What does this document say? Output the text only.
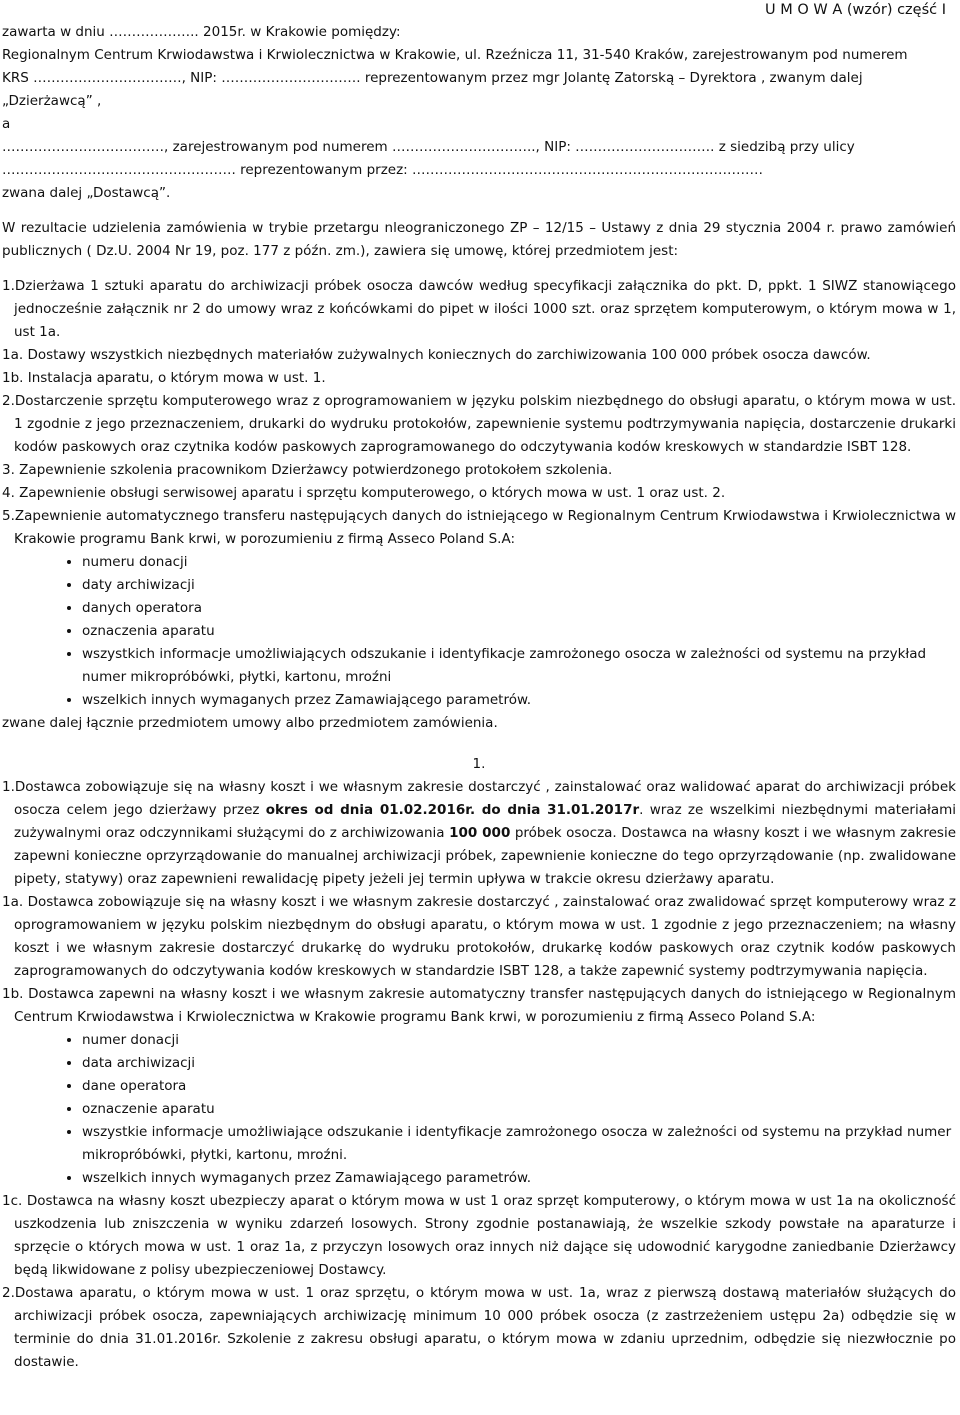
U M O W A (wzór) część I
zawarta w dniu ……………….. 2015r. w Krakowie pomiędzy:
Regionalnym Centrum Krwiodawstwa i Krwiolecznictwa w Krakowie, ul. Rzeźnicza 11, 31-540 Kraków, zarejestrowanym pod numerem
KRS ……………………………, NIP: …………………………. reprezentowanym przez mgr Jolantę Zatorską – Dyrektora , zwanym dalej
„Dzierżawcą” ,
a
………………………………, zarejestrowanym pod numerem ………………………….., NIP: …………………………. z siedzibą przy ulicy
……………………………………………. reprezentowanym przez: ……………………………………………………………………
zwana dalej „Dostawcą”.

W rezultacie udzielenia zamówienia w trybie przetargu nleograniczonego ZP – 12/15 – Ustawy z dnia 29 stycznia 2004 r. prawo zamówień publicznych ( Dz.U. 2004 Nr 19, poz. 177 z późn. zm.), zawiera się umowę, której przedmiotem jest:

1.Dzierżawa 1 sztuki aparatu do archiwizacji próbek osocza dawców według specyfikacji załącznika do pkt. D, ppkt. 1 SIWZ stanowiącego jednocześnie załącznik nr 2 do umowy wraz z końcówkami do pipet w ilości 1000 szt. oraz sprzętem komputerowym, o którym mowa w 1, ust 1a.

1a. Dostawy wszystkich niezbędnych materiałów zużywalnych koniecznych do zarchiwizowania 100 000 próbek osocza dawców.

1b. Instalacja aparatu, o którym mowa w ust. 1.

2.Dostarczenie sprzętu komputerowego wraz z oprogramowaniem w języku polskim niezbędnego do obsługi aparatu, o którym mowa w ust. 1 zgodnie z jego przeznaczeniem, drukarki do wydruku protokołów, zapewnienie systemu podtrzymywania napięcia, dostarczenie drukarki kodów paskowych oraz czytnika kodów paskowych zaprogramowanego do odczytywania kodów kreskowych w standardzie ISBT 128.

3. Zapewnienie szkolenia pracownikom Dzierżawcy potwierdzonego protokołem szkolenia.

4. Zapewnienie obsługi serwisowej aparatu i sprzętu komputerowego, o których mowa w ust. 1 oraz ust. 2.

5.Zapewnienie automatycznego transferu następujących danych do istniejącego w Regionalnym Centrum Krwiodawstwa i Krwiolecznictwa w Krakowie programu Bank krwi, w porozumieniu z firmą Asseco Poland S.A:

• numeru donacji
• daty archiwizacji
• danych operatora
• oznaczenia aparatu
• wszystkich informacje umożliwiających odszukanie i identyfikacje zamrożonego osocza w zależności od systemu na przykład numer mikropróbówki, płytki, kartonu, mroźni
• wszelkich innych wymaganych przez Zamawiającego parametrów.

zwane dalej łącznie przedmiotem umowy albo przedmiotem zamówienia.

1.

1.Dostawca zobowiązuje się na własny koszt i we własnym zakresie dostarczyć , zainstalować oraz walidować aparat do archiwizacji próbek osocza celem jego dzierżawy przez okres od dnia 01.02.2016r. do dnia 31.01.2017r. wraz ze wszelkimi niezbędnymi materiałami zużywalnymi oraz odczynnikami służącymi do z archiwizowania 100 000 próbek osocza. Dostawca na własny koszt i we własnym zakresie zapewni konieczne oprzyrządowanie do manualnej archiwizacji próbek, zapewnienie konieczne do tego oprzyrządowanie (np. zwalidowane pipety, statywy) oraz zapewnieni rewalidację pipety jeżeli jej termin upływa w trakcie okresu dzierżawy aparatu.

1a. Dostawca zobowiązuje się na własny koszt i we własnym zakresie dostarczyć , zainstalować oraz zwalidować sprzęt komputerowy wraz z oprogramowaniem w języku polskim niezbędnym do obsługi aparatu, o którym mowa w ust. 1 zgodnie z jego przeznaczeniem; na własny koszt i we własnym zakresie dostarczyć drukarkę do wydruku protokołów, drukarkę kodów paskowych oraz czytnik kodów paskowych zaprogramowanych do odczytywania kodów kreskowych w standardzie ISBT 128, a także zapewnić systemy podtrzymywania napięcia.

1b. Dostawca zapewni na własny koszt i we własnym zakresie automatyczny transfer następujących danych do istniejącego w Regionalnym Centrum Krwiodawstwa i Krwiolecznictwa w Krakowie programu Bank krwi, w porozumieniu z firmą Asseco Poland S.A:

• numer donacji
• data archiwizacji
• dane operatora
• oznaczenie aparatu
• wszystkie informacje umożliwiające odszukanie i identyfikacje zamrożonego osocza w zależności od systemu na przykład numer mikropróbówki, płytki, kartonu, mroźni.
• wszelkich innych wymaganych przez Zamawiającego parametrów.

1c. Dostawca na własny koszt ubezpieczy aparat o którym mowa w ust 1 oraz sprzęt komputerowy, o którym mowa w ust 1a na okoliczność uszkodzenia lub zniszczenia w wyniku zdarzeń losowych. Strony zgodnie postanawiają, że wszelkie szkody powstałe na aparaturze i sprzęcie o których mowa w ust. 1 oraz 1a, z przyczyn losowych oraz innych niż dające się udowodnić karygodne zaniedbanie Dzierżawcy będą likwidowane z polisy ubezpieczeniowej Dostawcy.

2.Dostawa aparatu, o którym mowa w ust. 1 oraz sprzętu, o którym mowa w ust. 1a, wraz z pierwszą dostawą materiałów służących do archiwizacji próbek osocza, zapewniających archiwizację minimum 10 000 próbek osocza (z zastrzeżeniem ustępu 2a) odbędzie się w terminie do dnia 31.01.2016r. Szkolenie z zakresu obsługi aparatu, o którym mowa w zdaniu uprzednim, odbędzie się niezwłocznie po dostawie.
